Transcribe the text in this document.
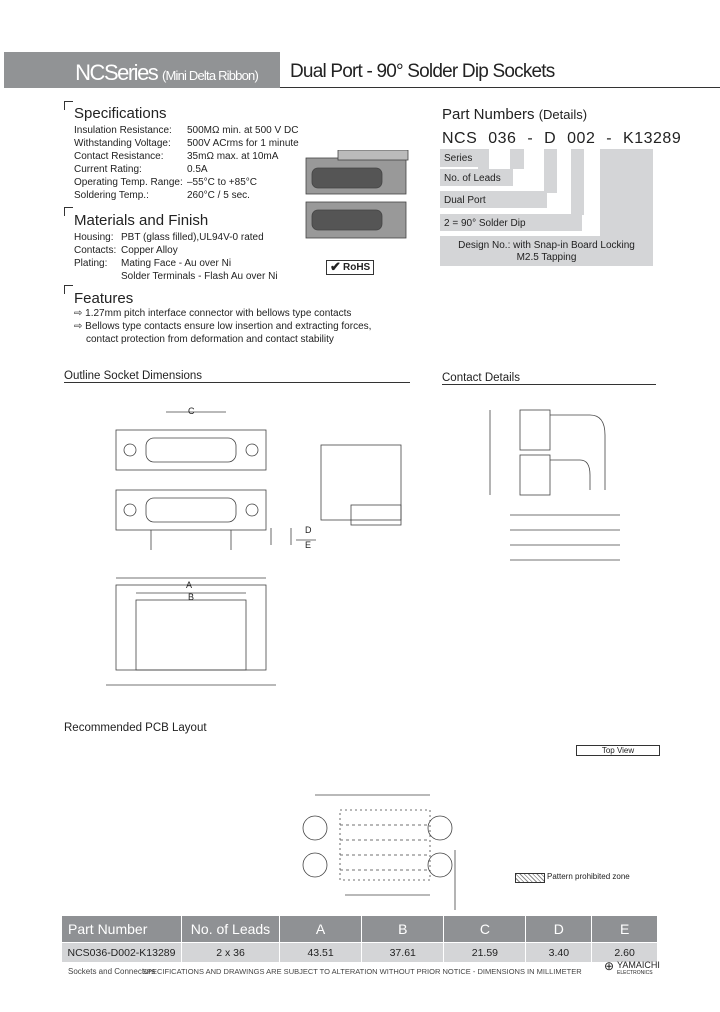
NCSeries (Mini Delta Ribbon) Dual Port - 90° Solder Dip Sockets
Specifications
Insulation Resistance:	500MΩ min. at 500 V DC
Withstanding Voltage:	500V ACrms for 1 minute
Contact Resistance:	35mΩ max. at 10mA
Current Rating:	0.5A
Operating Temp. Range: –55°C to +85°C
Soldering Temp.:	260°C / 5 sec.
Materials and Finish
Housing: PBT (glass filled),UL94V-0 rated
Contacts: Copper Alloy
Plating:	Mating Face - Au over Ni
Solder Terminals - Flash Au over Ni
Features
⇨ 1.27mm pitch interface connector with bellows type contacts
⇨ Bellows type contacts ensure low insertion and extracting forces,
contact protection from deformation and contact stability
✔ RoHS
Part Numbers (Details)
NCS 036 - D 002 - K13289
Series
No. of Leads
Dual Port
2 = 90° Solder Dip
Design No.: with Snap-in Board Locking
M2.5 Tapping
Outline Socket Dimensions	Contact Details
Recommended PCB Layout
C
D
E
A
B
Top View
Pattern prohibited zone
Part Number	No. of Leads	A	B	C	D	E
NCS036-D002-K13289	2 x 36	43.51	37.61	21.59	3.40	2.60
Sockets and Connectors
SPECIFICATIONS AND DRAWINGS ARE SUBJECT TO ALTERATION WITHOUT PRIOR NOTICE - DIMENSIONS IN MILLIMETER ⊕ YAMAICHI
ELECTRONICS
